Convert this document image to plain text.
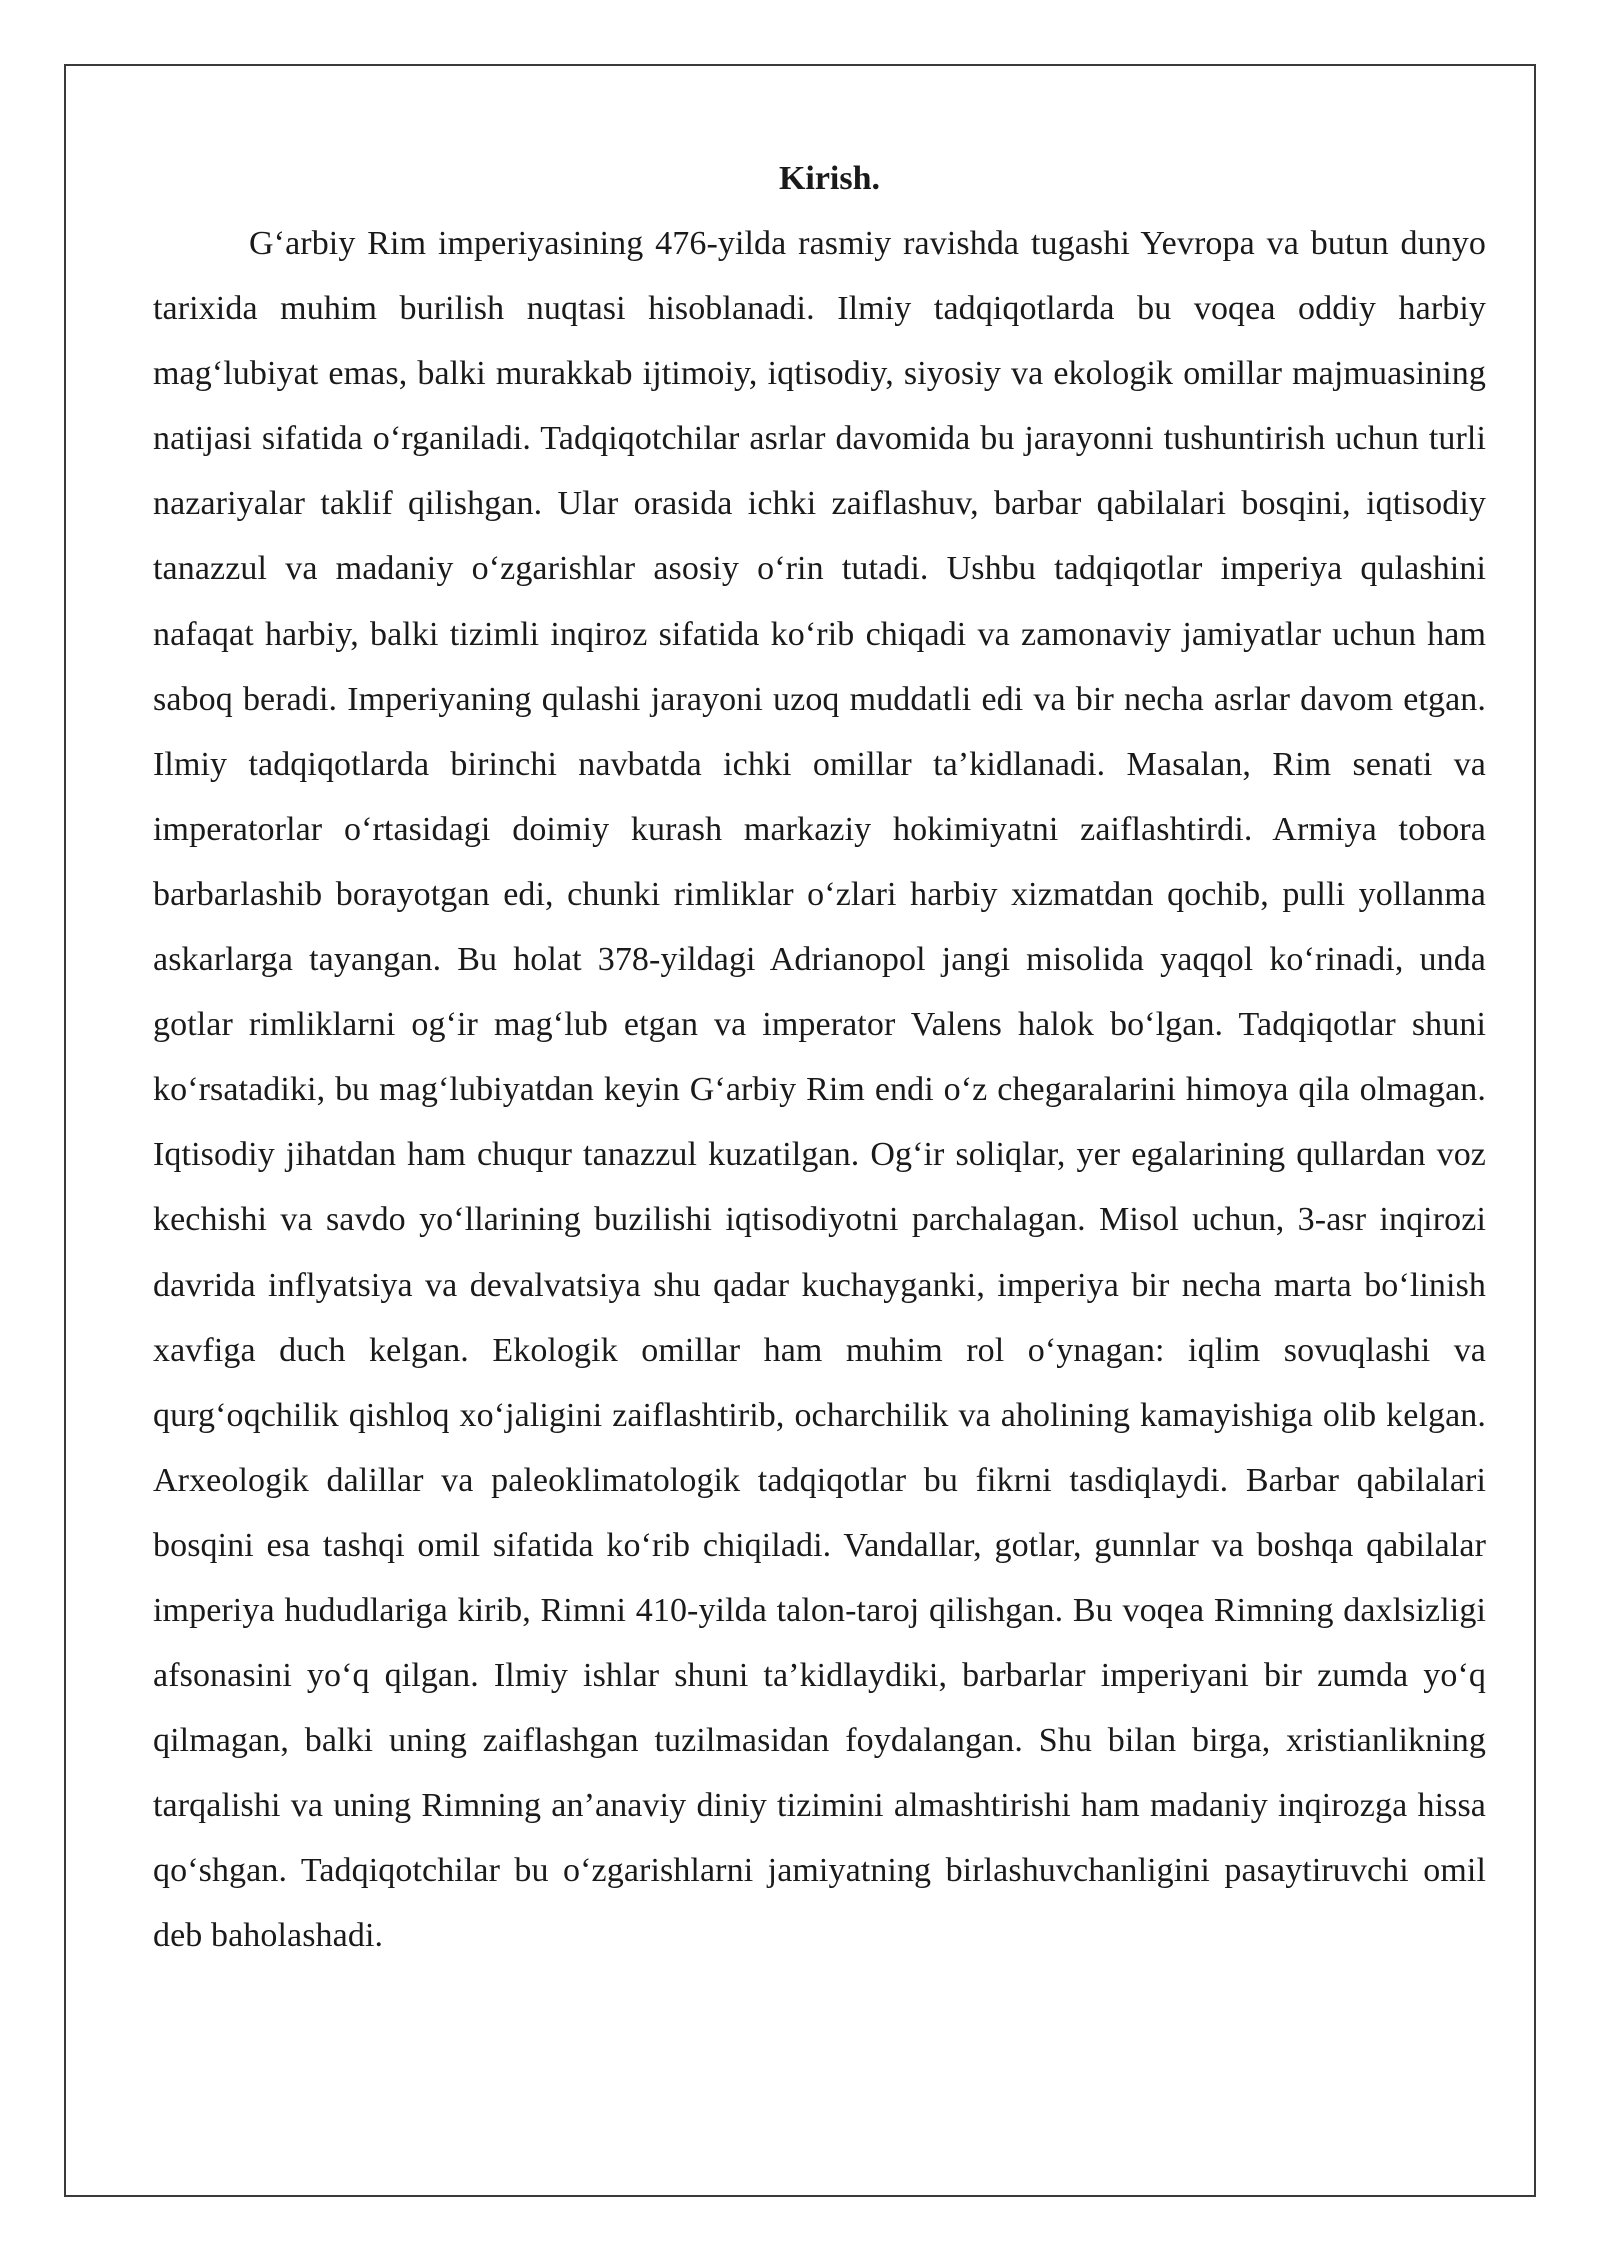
Kirish.

G‘arbiy Rim imperiyasining 476-yilda rasmiy ravishda tugashi Yevropa va butun dunyo tarixida muhim burilish nuqtasi hisoblanadi. Ilmiy tadqiqotlarda bu voqea oddiy harbiy mag‘lubiyat emas, balki murakkab ijtimoiy, iqtisodiy, siyosiy va ekologik omillar majmuasining natijasi sifatida o‘rganiladi. Tadqiqotchilar asrlar davomida bu jarayonni tushuntirish uchun turli nazariyalar taklif qilishgan. Ular orasida ichki zaiflashuv, barbar qabilalari bosqini, iqtisodiy tanazzul va madaniy o‘zgarishlar asosiy o‘rin tutadi. Ushbu tadqiqotlar imperiya qulashini nafaqat harbiy, balki tizimli inqiroz sifatida ko‘rib chiqadi va zamonaviy jamiyatlar uchun ham saboq beradi. Imperiyaning qulashi jarayoni uzoq muddatli edi va bir necha asrlar davom etgan. Ilmiy tadqiqotlarda birinchi navbatda ichki omillar ta’kidlanadi. Masalan, Rim senati va imperatorlar o‘rtasidagi doimiy kurash markaziy hokimiyatni zaiflashtirdi. Armiya tobora barbarlashib borayotgan edi, chunki rimliklar o‘zlari harbiy xizmatdan qochib, pulli yollanma askarlarga tayangan. Bu holat 378-yildagi Adrianopol jangi misolida yaqqol ko‘rinadi, unda gotlar rimliklarni og‘ir mag‘lub etgan va imperator Valens halok bo‘lgan. Tadqiqotlar shuni ko‘rsatadiki, bu mag‘lubiyatdan keyin G‘arbiy Rim endi o‘z chegaralarini himoya qila olmagan. Iqtisodiy jihatdan ham chuqur tanazzul kuzatilgan. Og‘ir soliqlar, yer egalarining qullardan voz kechishi va savdo yo‘llarining buzilishi iqtisodiyotni parchalagan. Misol uchun, 3-asr inqirozi davrida inflyatsiya va devalvatsiya shu qadar kuchayganki, imperiya bir necha marta bo‘linish xavfiga duch kelgan. Ekologik omillar ham muhim rol o‘ynagan: iqlim sovuqlashi va qurg‘oqchilik qishloq xo‘jaligini zaiflashtirib, ocharchilik va aholining kamayishiga olib kelgan. Arxeologik dalillar va paleoklimatologik tadqiqotlar bu fikrni tasdiqlaydi. Barbar qabilalari bosqini esa tashqi omil sifatida ko‘rib chiqiladi. Vandallar, gotlar, gunnlar va boshqa qabilalar imperiya hududlariga kirib, Rimni 410-yilda talon-taroj qilishgan. Bu voqea Rimning daxlsizligi afsonasini yo‘q qilgan. Ilmiy ishlar shuni ta’kidlaydiki, barbarlar imperiyani bir zumda yo‘q qilmagan, balki uning zaiflashgan tuzilmasidan foydalangan. Shu bilan birga, xristianlikning tarqalishi va uning Rimning an’anaviy diniy tizimini almashtirishi ham madaniy inqirozga hissa qo‘shgan. Tadqiqotchilar bu o‘zgarishlarni jamiyatning birlashuvchanligini pasaytiruvchi omil deb baholashadi.
